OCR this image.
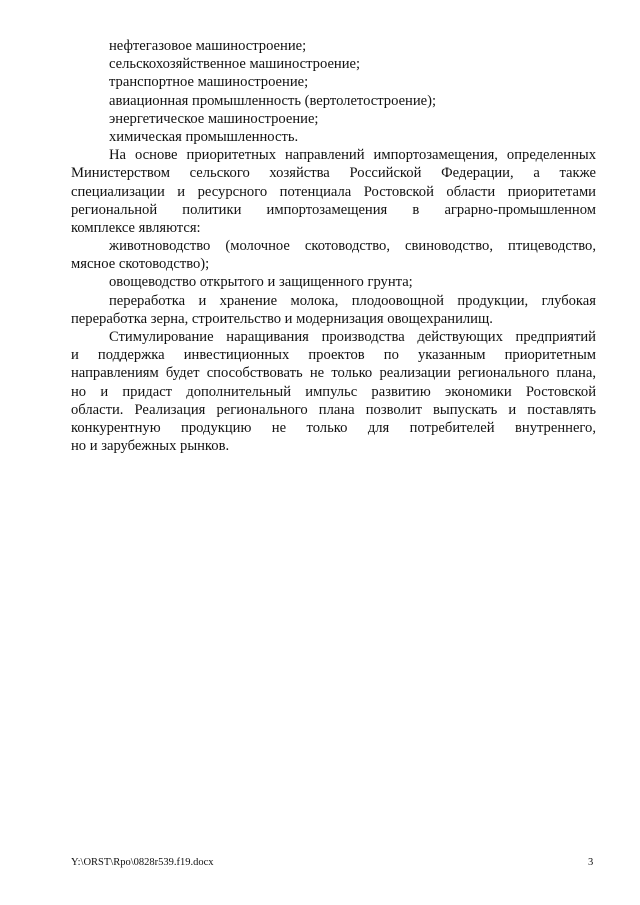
нефтегазовое машиностроение;
сельскохозяйственное машиностроение;
транспортное машиностроение;
авиационная промышленность (вертолетостроение);
энергетическое машиностроение;
химическая промышленность.
На основе приоритетных направлений импортозамещения, определенных
Министерством сельского хозяйства Российской Федерации, а также
специализации и ресурсного потенциала Ростовской области приоритетами
региональной политики импортозамещения в аграрно-промышленном
комплексе являются:
животноводство (молочное скотоводство, свиноводство, птицеводство,
мясное скотоводство);
овощеводство открытого и защищенного грунта;
переработка и хранение молока, плодоовощной продукции, глубокая
переработка зерна, строительство и модернизация овощехранилищ.
Стимулирование наращивания производства действующих предприятий
и поддержка инвестиционных проектов по указанным приоритетным
направлениям будет способствовать не только реализации регионального плана,
но и придаст дополнительный импульс развитию экономики Ростовской
области. Реализация регионального плана позволит выпускать и поставлять
конкурентную продукцию не только для потребителей внутреннего,
но и зарубежных рынков.
Y:\ORST\Rpo\0828r539.f19.docx	3
